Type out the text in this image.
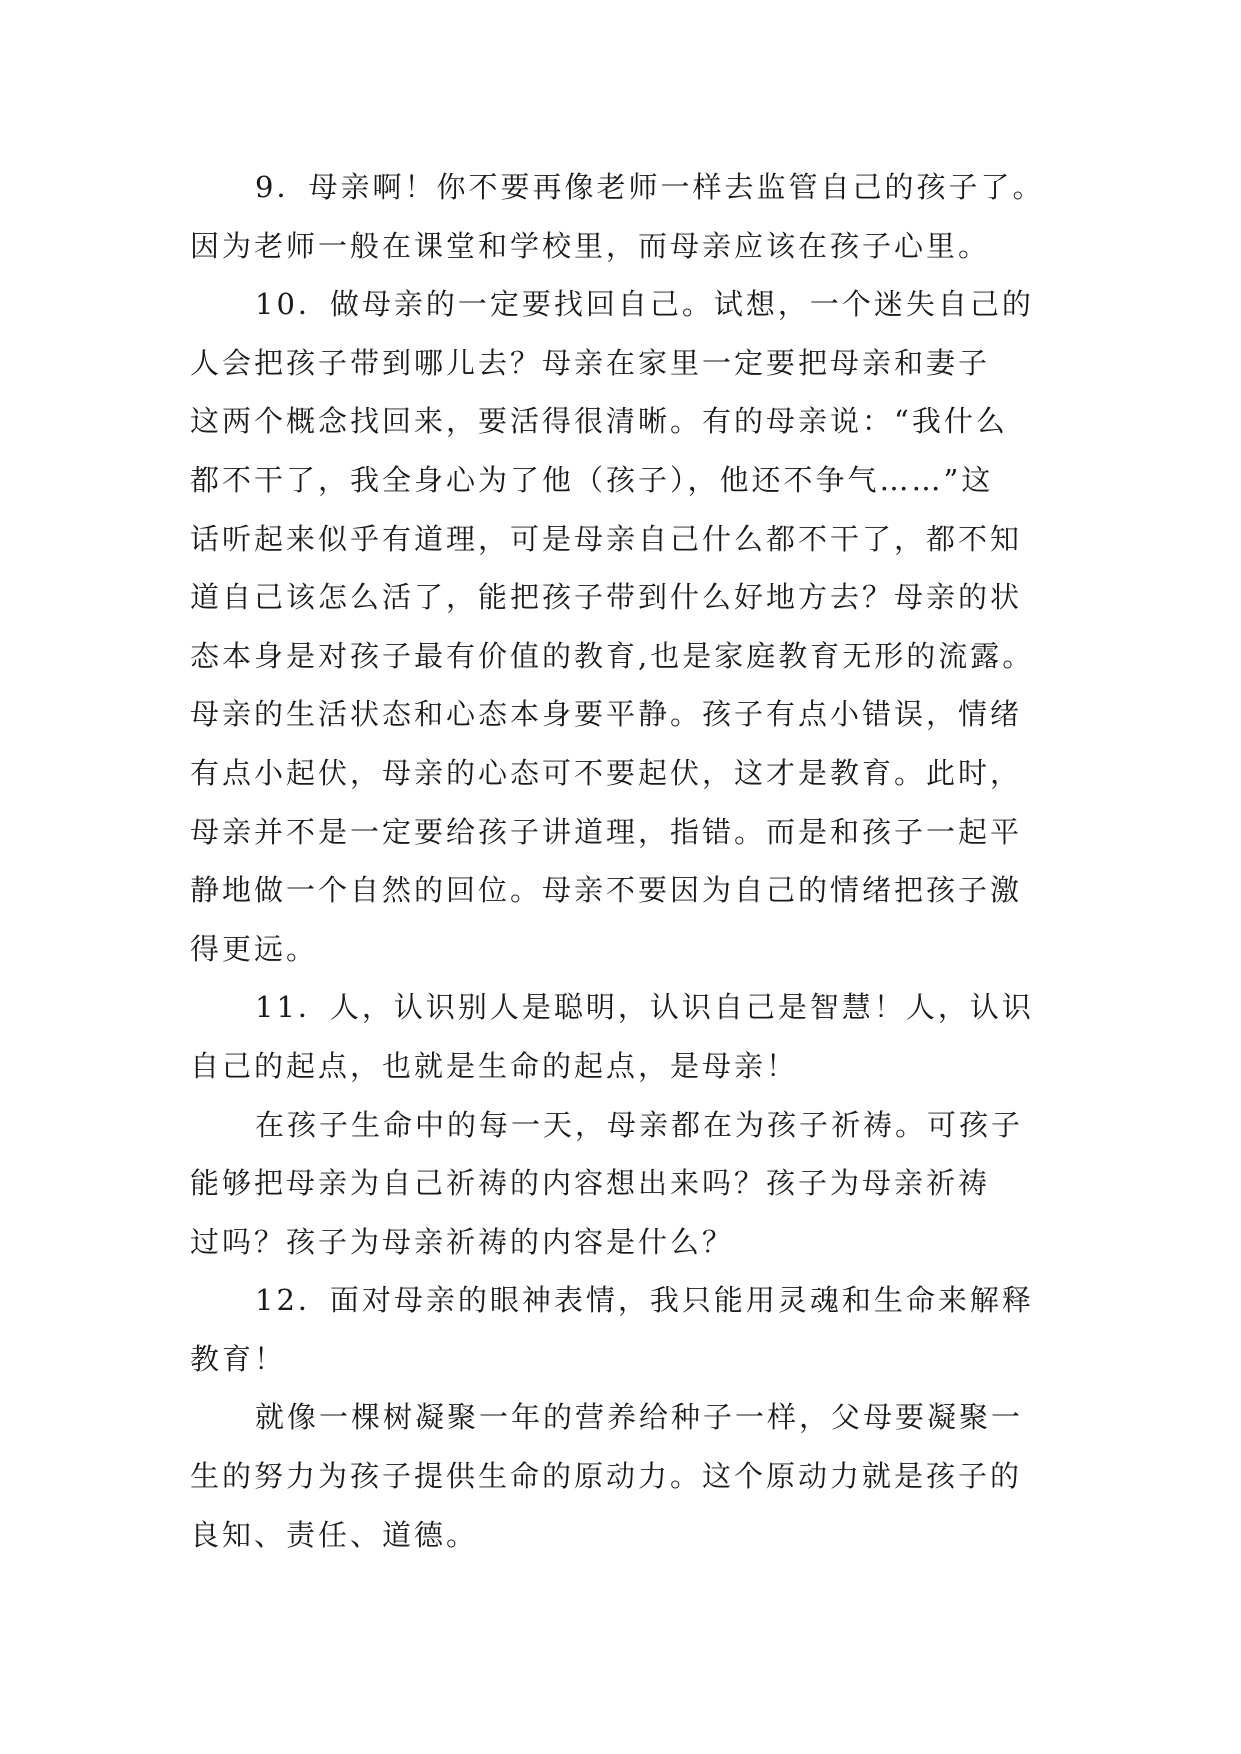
9．母亲啊！你不要再像老师一样去监管自己的孩子了。
因为老师一般在课堂和学校里，而母亲应该在孩子心里。
10．做母亲的一定要找回自己。试想，一个迷失自己的
人会把孩子带到哪儿去？母亲在家里一定要把母亲和妻子
这两个概念找回来，要活得很清晰。有的母亲说：“我什么
都不干了，我全身心为了他（孩子），他还不争气……”这
话听起来似乎有道理，可是母亲自己什么都不干了，都不知
道自己该怎么活了，能把孩子带到什么好地方去？母亲的状
态本身是对孩子最有价值的教育,也是家庭教育无形的流露。
母亲的生活状态和心态本身要平静。孩子有点小错误，情绪
有点小起伏，母亲的心态可不要起伏，这才是教育。此时，
母亲并不是一定要给孩子讲道理，指错。而是和孩子一起平
静地做一个自然的回位。母亲不要因为自己的情绪把孩子激
得更远。
11．人，认识别人是聪明，认识自己是智慧！人，认识
自己的起点，也就是生命的起点，是母亲！
在孩子生命中的每一天，母亲都在为孩子祈祷。可孩子
能够把母亲为自己祈祷的内容想出来吗？孩子为母亲祈祷
过吗？孩子为母亲祈祷的内容是什么？
12．面对母亲的眼神表情，我只能用灵魂和生命来解释
教育！
就像一棵树凝聚一年的营养给种子一样，父母要凝聚一
生的努力为孩子提供生命的原动力。这个原动力就是孩子的
良知、责任、道德。
